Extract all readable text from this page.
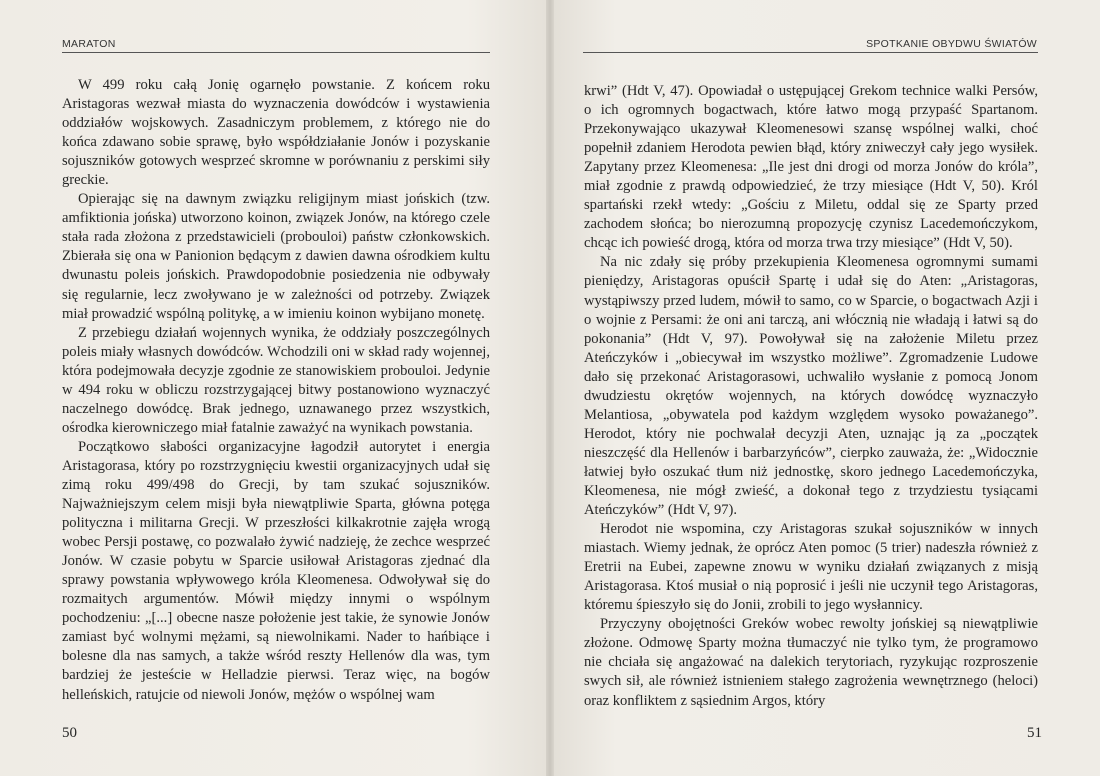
MARATON

W 499 roku całą Jonię ogarnęło powstanie. Z końcem roku Aristagoras wezwał miasta do wyznaczenia dowódców i wystawienia oddziałów wojskowych. Zasadniczym problemem, z którego nie do końca zdawano sobie sprawę, było współdziałanie Jonów i pozyskanie sojuszników gotowych wesprzeć skromne w porównaniu z perskimi siły greckie.

Opierając się na dawnym związku religijnym miast jońskich (tzw. amfiktionia jońska) utworzono koinon, związek Jonów, na którego czele stała rada złożona z przedstawicieli (probouloi) państw członkowskich. Zbierała się ona w Panionion będącym z dawien dawna ośrodkiem kultu dwunastu poleis jońskich. Prawdopodobnie posiedzenia nie odbywały się regularnie, lecz zwoływano je w zależności od potrzeby. Związek miał prowadzić wspólną politykę, a w imieniu koinon wybijano monetę.

Z przebiegu działań wojennych wynika, że oddziały poszczególnych poleis miały własnych dowódców. Wchodzili oni w skład rady wojennej, która podejmowała decyzje zgodnie ze stanowiskiem probouloi. Jedynie w 494 roku w obliczu rozstrzygającej bitwy postanowiono wyznaczyć naczelnego dowódcę. Brak jednego, uznawanego przez wszystkich, ośrodka kierowniczego miał fatalnie zaważyć na wynikach powstania.

Początkowo słabości organizacyjne łagodził autorytet i energia Aristagorasa, który po rozstrzygnięciu kwestii organizacyjnych udał się zimą roku 499/498 do Grecji, by tam szukać sojuszników. Najważniejszym celem misji była niewątpliwie Sparta, główna potęga polityczna i militarna Grecji. W przeszłości kilkakrotnie zajęła wrogą wobec Persji postawę, co pozwalało żywić nadzieję, że zechce wesprzeć Jonów. W czasie pobytu w Sparcie usiłował Aristagoras zjednać dla sprawy powstania wpływowego króla Kleomenesa. Odwoływał się do rozmaitych argumentów. Mówił między innymi o wspólnym pochodzeniu: „[...] obecne nasze położenie jest takie, że synowie Jonów zamiast być wolnymi mężami, są niewolnikami. Nader to hańbiące i bolesne dla nas samych, a także wśród reszty Hellenów dla was, tym bardziej że jesteście w Helladzie pierwsi. Teraz więc, na bogów helleńskich, ratujcie od niewoli Jonów, mężów o wspólnej wam

50
SPOTKANIE OBYDWU ŚWIATÓW

krwi” (Hdt V, 47). Opowiadał o ustępującej Grekom technice walki Persów, o ich ogromnych bogactwach, które łatwo mogą przypaść Spartanom. Przekonywająco ukazywał Kleomenesowi szansę wspólnej walki, choć popełnił zdaniem Herodota pewien błąd, który zniweczył cały jego wysiłek. Zapytany przez Kleomenesa: „Ile jest dni drogi od morza Jonów do króla”, miał zgodnie z prawdą odpowiedzieć, że trzy miesiące (Hdt V, 50). Król spartański rzekł wtedy: „Gościu z Miletu, oddal się ze Sparty przed zachodem słońca; bo nierozumną propozycję czynisz Lacedemończykom, chcąc ich powieść drogą, która od morza trwa trzy miesiące” (Hdt V, 50).

Na nic zdały się próby przekupienia Kleomenesa ogromnymi sumami pieniędzy, Aristagoras opuścił Spartę i udał się do Aten: „Aristagoras, wystąpiwszy przed ludem, mówił to samo, co w Sparcie, o bogactwach Azji i o wojnie z Persami: że oni ani tarczą, ani włócznią nie władają i łatwi są do pokonania” (Hdt V, 97). Powoływał się na założenie Miletu przez Ateńczyków i „obiecywał im wszystko możliwe”. Zgromadzenie Ludowe dało się przekonać Aristagorasowi, uchwaliło wysłanie z pomocą Jonom dwudziestu okrętów wojennych, na których dowódcę wyznaczyło Melantiosa, „obywatela pod każdym względem wysoko poważanego”. Herodot, który nie pochwalał decyzji Aten, uznając ją za „początek nieszczęść dla Hellenów i barbarzyńców”, cierpko zauważa, że: „Widocznie łatwiej było oszukać tłum niż jednostkę, skoro jednego Lacedemończyka, Kleomenesa, nie mógł zwieść, a dokonał tego z trzydziestu tysiącami Ateńczyków” (Hdt V, 97).

Herodot nie wspomina, czy Aristagoras szukał sojuszników w innych miastach. Wiemy jednak, że oprócz Aten pomoc (5 trier) nadeszła również z Eretrii na Eubei, zapewne znowu w wyniku działań związanych z misją Aristagorasa. Ktoś musiał o nią poprosić i jeśli nie uczynił tego Aristagoras, któremu śpieszyło się do Jonii, zrobili to jego wysłannicy.

Przyczyny obojętności Greków wobec rewolty jońskiej są niewątpliwie złożone. Odmowę Sparty można tłumaczyć nie tylko tym, że programowo nie chciała się angażować na dalekich terytoriach, ryzykując rozproszenie swych sił, ale również istnieniem stałego zagrożenia wewnętrznego (heloci) oraz konfliktem z sąsiednim Argos, który

51
